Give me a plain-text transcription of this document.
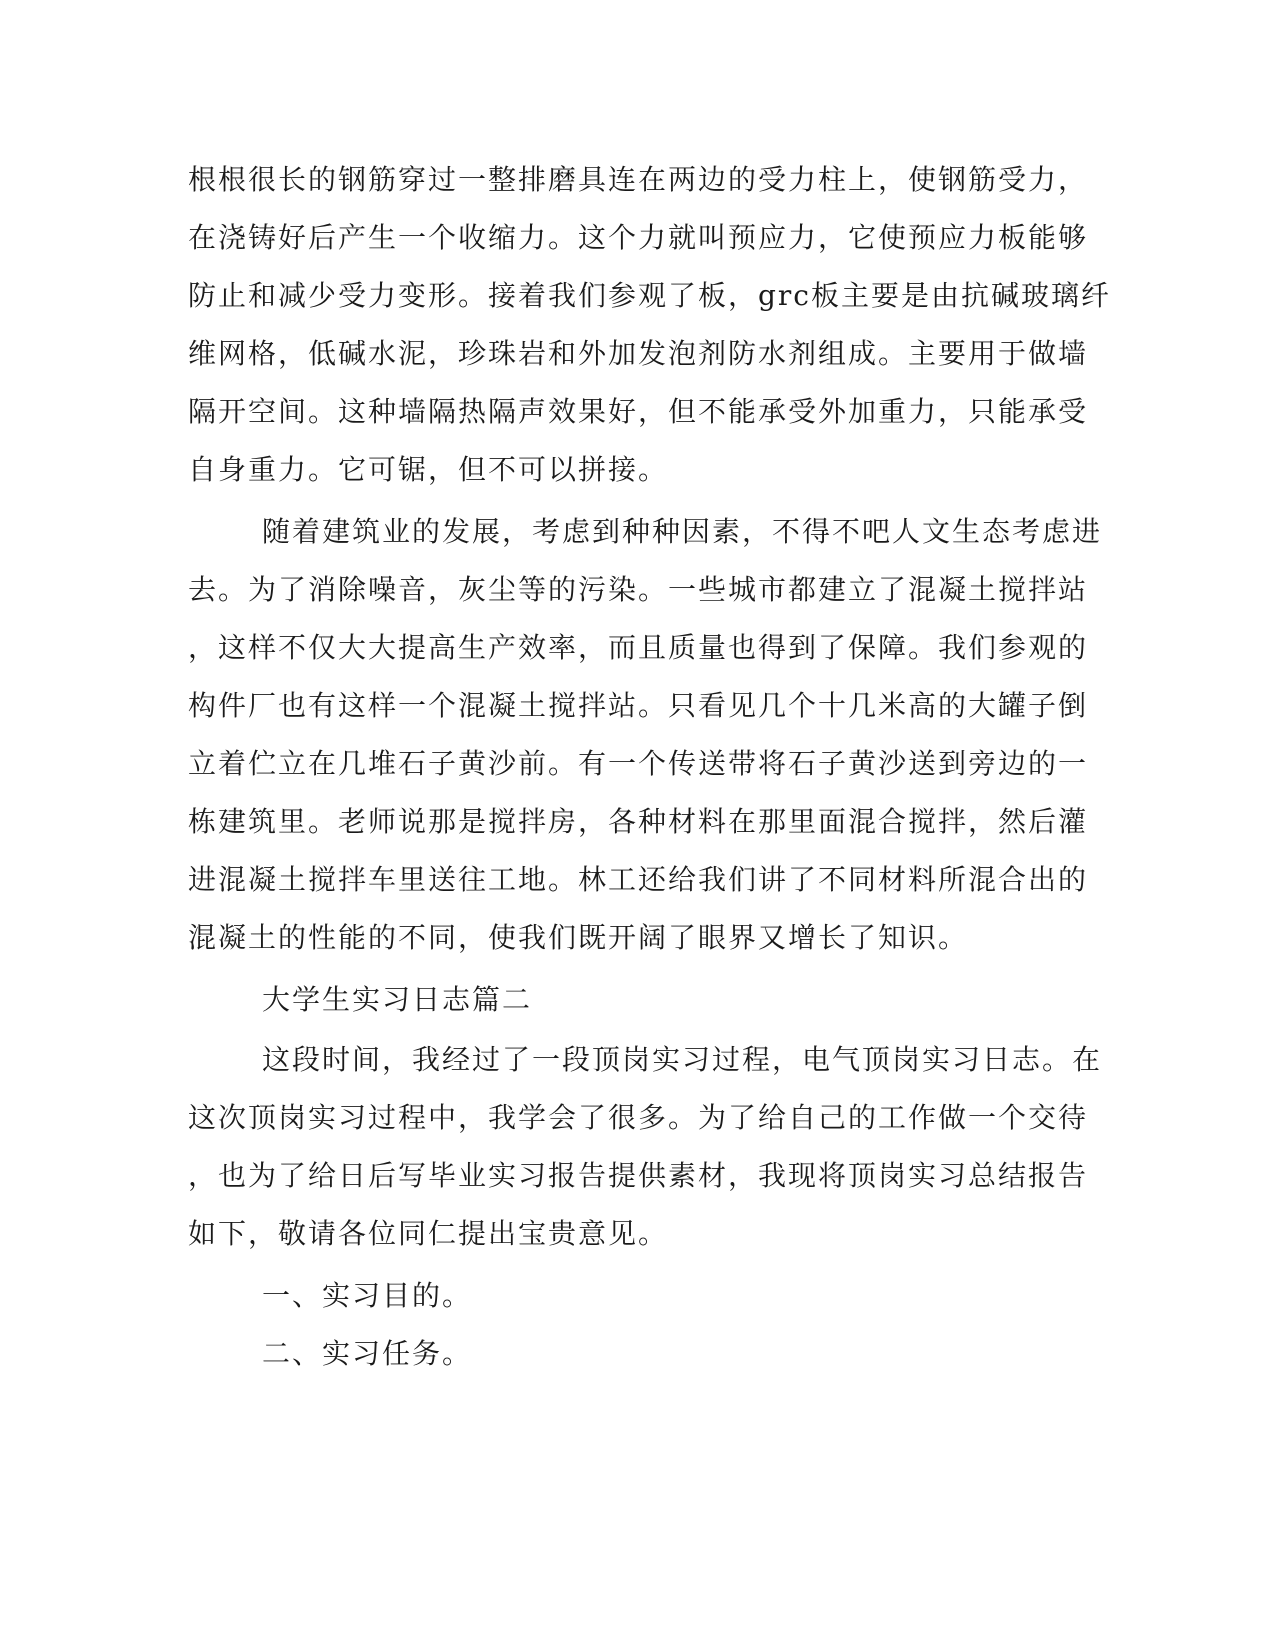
根根很长的钢筋穿过一整排磨具连在两边的受力柱上，使钢筋受力，
在浇铸好后产生一个收缩力。这个力就叫预应力，它使预应力板能够
防止和减少受力变形。接着我们参观了板，grc板主要是由抗碱玻璃纤
维网格，低碱水泥，珍珠岩和外加发泡剂防水剂组成。主要用于做墙
隔开空间。这种墙隔热隔声效果好，但不能承受外加重力，只能承受
自身重力。它可锯，但不可以拼接。
随着建筑业的发展，考虑到种种因素，不得不吧人文生态考虑进
去。为了消除噪音，灰尘等的污染。一些城市都建立了混凝土搅拌站
，这样不仅大大提高生产效率，而且质量也得到了保障。我们参观的
构件厂也有这样一个混凝土搅拌站。只看见几个十几米高的大罐子倒
立着伫立在几堆石子黄沙前。有一个传送带将石子黄沙送到旁边的一
栋建筑里。老师说那是搅拌房，各种材料在那里面混合搅拌，然后灌
进混凝土搅拌车里送往工地。林工还给我们讲了不同材料所混合出的
混凝土的性能的不同，使我们既开阔了眼界又增长了知识。
大学生实习日志篇二
这段时间，我经过了一段顶岗实习过程，电气顶岗实习日志。在
这次顶岗实习过程中，我学会了很多。为了给自己的工作做一个交待
，也为了给日后写毕业实习报告提供素材，我现将顶岗实习总结报告
如下，敬请各位同仁提出宝贵意见。
一、实习目的。
二、实习任务。
